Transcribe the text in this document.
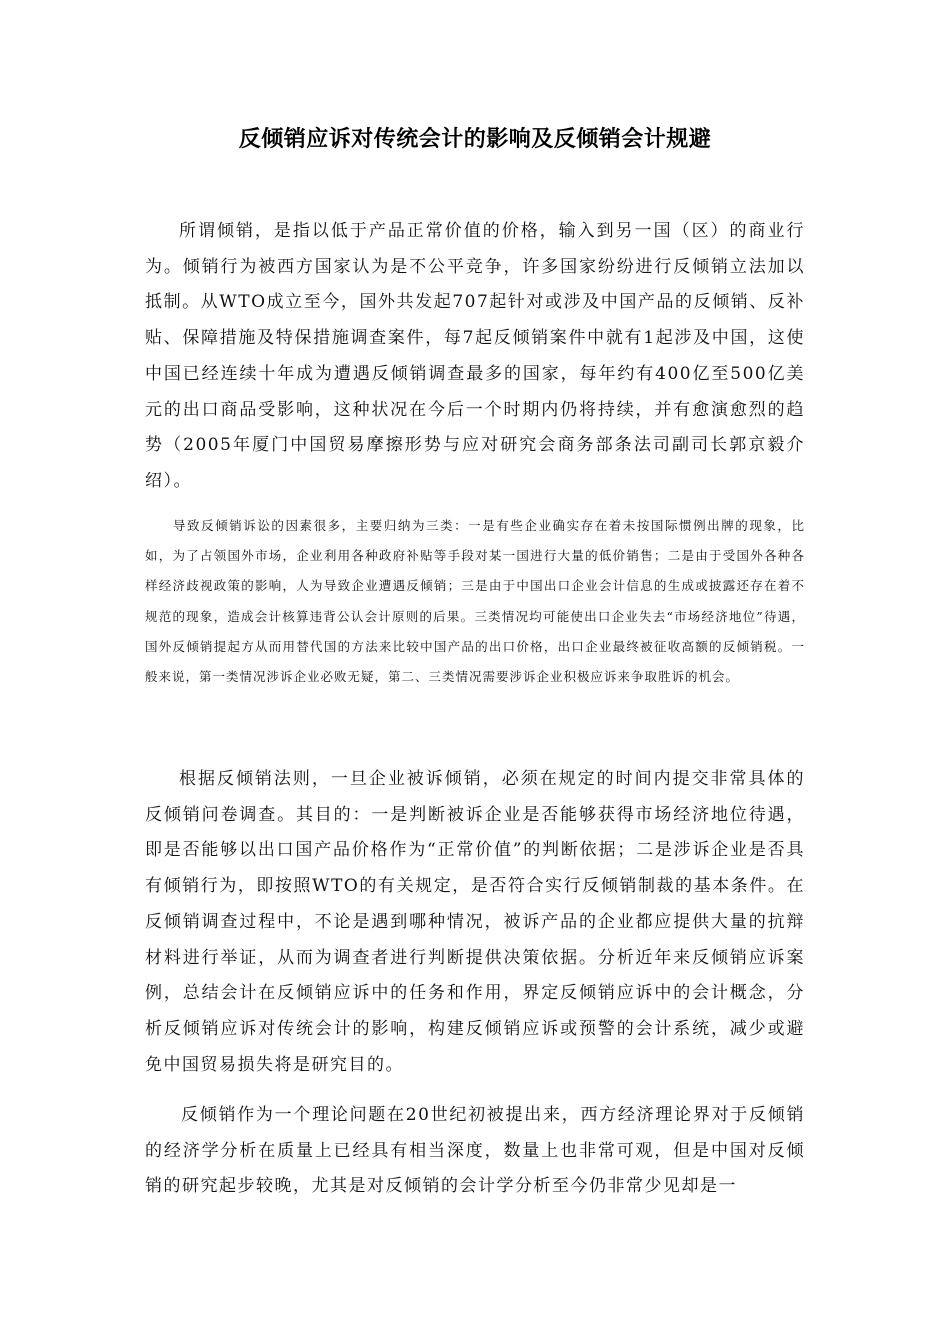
反倾销应诉对传统会计的影响及反倾销会计规避

所谓倾销，是指以低于产品正常价值的价格，输入到另一国（区）的商业行为。倾销行为被西方国家认为是不公平竞争，许多国家纷纷进行反倾销立法加以抵制。从WTO成立至今，国外共发起707起针对或涉及中国产品的反倾销、反补贴、保障措施及特保措施调查案件，每7起反倾销案件中就有1起涉及中国，这使中国已经连续十年成为遭遇反倾销调查最多的国家，每年约有400亿至500亿美元的出口商品受影响，这种状况在今后一个时期内仍将持续，并有愈演愈烈的趋势（2005年厦门中国贸易摩擦形势与应对研究会商务部条法司副司长郭京毅介绍）。

导致反倾销诉讼的因素很多，主要归纳为三类：一是有些企业确实存在着未按国际惯例出牌的现象，比如，为了占领国外市场，企业利用各种政府补贴等手段对某一国进行大量的低价销售；二是由于受国外各种各样经济歧视政策的影响，人为导致企业遭遇反倾销；三是由于中国出口企业会计信息的生成或披露还存在着不规范的现象，造成会计核算违背公认会计原则的后果。三类情况均可能使出口企业失去“市场经济地位”待遇，国外反倾销提起方从而用替代国的方法来比较中国产品的出口价格，出口企业最终被征收高额的反倾销税。一般来说，第一类情况涉诉企业必败无疑，第二、三类情况需要涉诉企业积极应诉来争取胜诉的机会。

根据反倾销法则，一旦企业被诉倾销，必须在规定的时间内提交非常具体的反倾销问卷调查。其目的：一是判断被诉企业是否能够获得市场经济地位待遇，即是否能够以出口国产品价格作为“正常价值”的判断依据；二是涉诉企业是否具有倾销行为，即按照WTO的有关规定，是否符合实行反倾销制裁的基本条件。在反倾销调查过程中，不论是遇到哪种情况，被诉产品的企业都应提供大量的抗辩材料进行举证，从而为调查者进行判断提供决策依据。分析近年来反倾销应诉案例，总结会计在反倾销应诉中的任务和作用，界定反倾销应诉中的会计概念，分析反倾销应诉对传统会计的影响，构建反倾销应诉或预警的会计系统，减少或避免中国贸易损失将是研究目的。

反倾销作为一个理论问题在20世纪初被提出来，西方经济理论界对于反倾销的经济学分析在质量上已经具有相当深度，数量上也非常可观，但是中国对反倾销的研究起步较晚，尤其是对反倾销的会计学分析至今仍非常少见却是一
